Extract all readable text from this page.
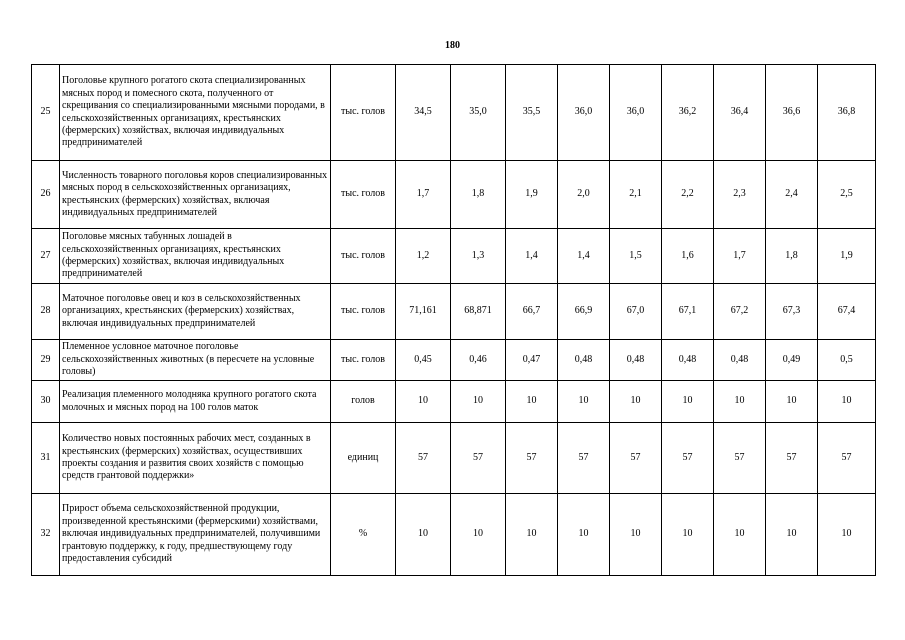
180
25	Поголовье крупного рогатого скота специализированных мясных пород и помесного скота, полученного от скрещивания со специализированными мясными породами, в сельскохозяйственных организациях, крестьянских (фермерских) хозяйствах, включая индивидуальных предпринимателей	тыс. голов	34,5	35,0	35,5	36,0	36,0	36,2	36,4	36,6	36,8
26	Численность товарного поголовья коров специализированных мясных пород в сельскохозяйственных организациях, крестьянских (фермерских) хозяйствах, включая индивидуальных предпринимателей	тыс. голов	1,7	1,8	1,9	2,0	2,1	2,2	2,3	2,4	2,5
27	Поголовье мясных табунных лошадей в сельскохозяйственных организациях, крестьянских (фермерских) хозяйствах, включая индивидуальных предпринимателей	тыс. голов	1,2	1,3	1,4	1,4	1,5	1,6	1,7	1,8	1,9
28	Маточное поголовье овец и коз в сельскохозяйственных организациях, крестьянских (фермерских) хозяйствах, включая индивидуальных предпринимателей	тыс. голов	71,161	68,871	66,7	66,9	67,0	67,1	67,2	67,3	67,4
29	Племенное условное маточное поголовье сельскохозяйственных животных (в пересчете на условные головы)	тыс. голов	0,45	0,46	0,47	0,48	0,48	0,48	0,48	0,49	0,5
30	Реализация племенного молодняка крупного рогатого скота молочных и мясных пород на 100 голов маток	голов	10	10	10	10	10	10	10	10	10
31	Количество новых постоянных рабочих мест, созданных в крестьянских (фермерских) хозяйствах, осуществивших проекты создания и развития своих хозяйств с помощью средств грантовой поддержки»	единиц	57	57	57	57	57	57	57	57	57
32	Прирост объема сельскохозяйственной продукции, произведенной крестьянскими (фермерскими) хозяйствами, включая индивидуальных предпринимателей, получившими грантовую поддержку, к году, предшествующему году предоставления субсидий	%	10	10	10	10	10	10	10	10	10
